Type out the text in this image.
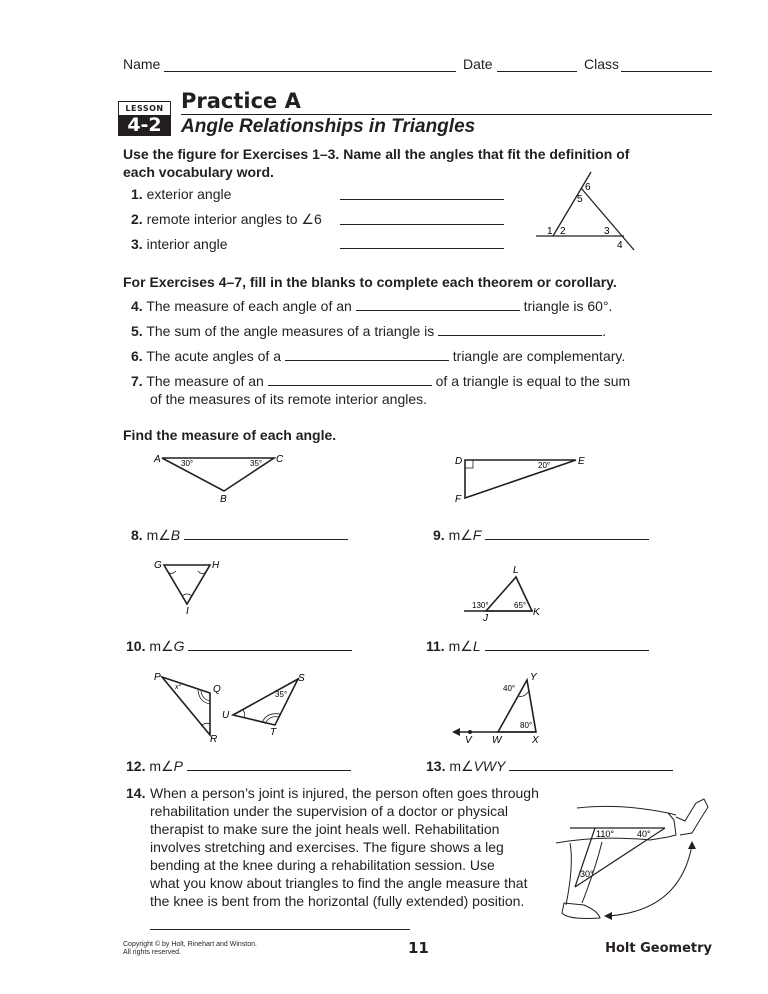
Name	Date	Class
LESSON
4-2
Practice A
Angle Relationships in Triangles
Use the figure for Exercises 1–3. Name all the angles that fit the definition of
each vocabulary word.
1. exterior angle
2. remote interior angles to ∠6
3. interior angle
1 2	3
4
5
6
For Exercises 4–7, fill in the blanks to complete each theorem or corollary.
4. The measure of each angle of an	triangle is 60°.
5. The sum of the angle measures of a triangle is	.
6. The acute angles of a	triangle are complementary.
7. The measure of an	of a triangle is equal to the sum
of the measures of its remote interior angles.
Find the measure of each angle.
A
B
C
30°	35°
8. m∠B
D	E
F
20°
9. m∠F
G	H
I
10. m∠G
L
J
K
130°	65°
11. m∠L
P
Q
R
S
T
U
x°
35°
12. m∠P
Y
V W	X
40°
80°
13. m∠VWY
14. When a person’s joint is injured, the person often goes through
rehabilitation under the supervision of a doctor or physical
therapist to make sure the joint heals well. Rehabilitation
involves stretching and exercises. The figure shows a leg
bending at the knee during a rehabilitation session. Use
what you know about triangles to find the angle measure that
the knee is bent from the horizontal (fully extended) position.
110°	40°
30°
Copyright © by Holt, Rinehart and Winston.
All rights reserved.	11	Holt Geometry
